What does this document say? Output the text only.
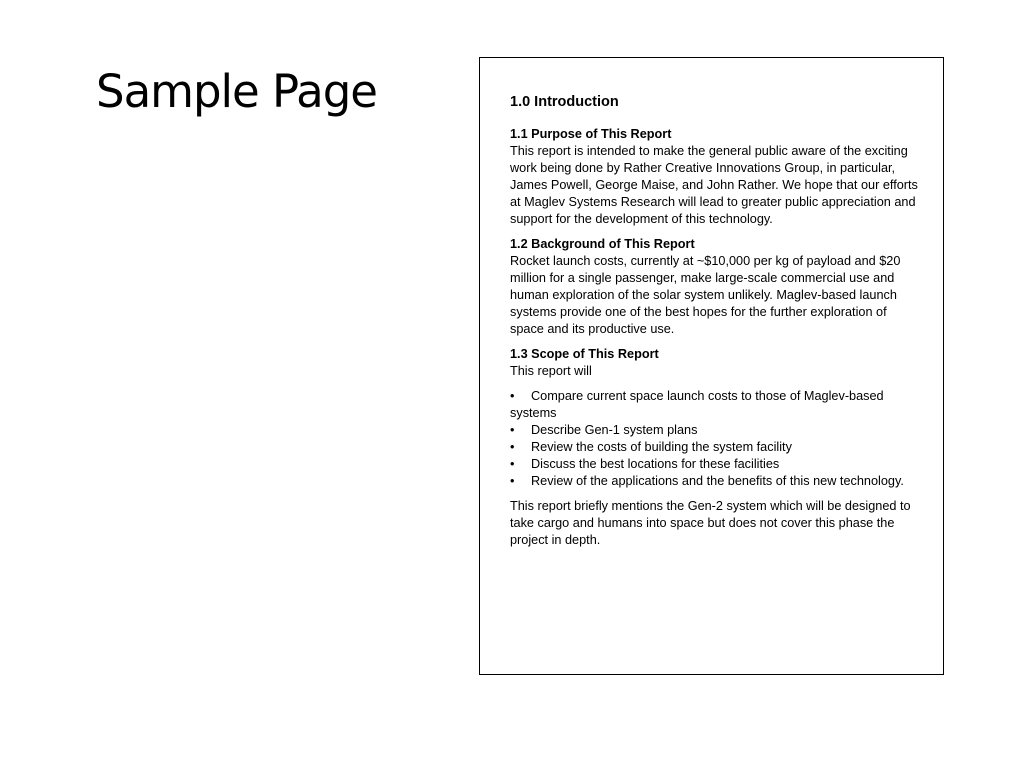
Sample Page	1.0 Introduction
1.1 Purpose of This Report
This report is intended to make the general public aware of the exciting work being done by Rather Creative Innovations Group, in particular, James Powell, George Maise, and John Rather. We hope that our efforts at Maglev Systems Research will lead to greater public appreciation and support for the development of this technology.
1.2 Background of This Report
Rocket launch costs, currently at ~$10,000 per kg of payload and $20 million for a single passenger, make large-scale commercial use and human exploration of the solar system unlikely. Maglev-based launch systems provide one of the best hopes for the further exploration of space and its productive use.
1.3 Scope of This Report
This report will
• Compare current space launch costs to those of Maglev-based systems
• Describe Gen-1 system plans
• Review the costs of building the system facility
• Discuss the best locations for these facilities
• Review of the applications and the benefits of this new technology.

This report briefly mentions the Gen-2 system which will be designed to take cargo and humans into space but does not cover this phase the project in depth.
